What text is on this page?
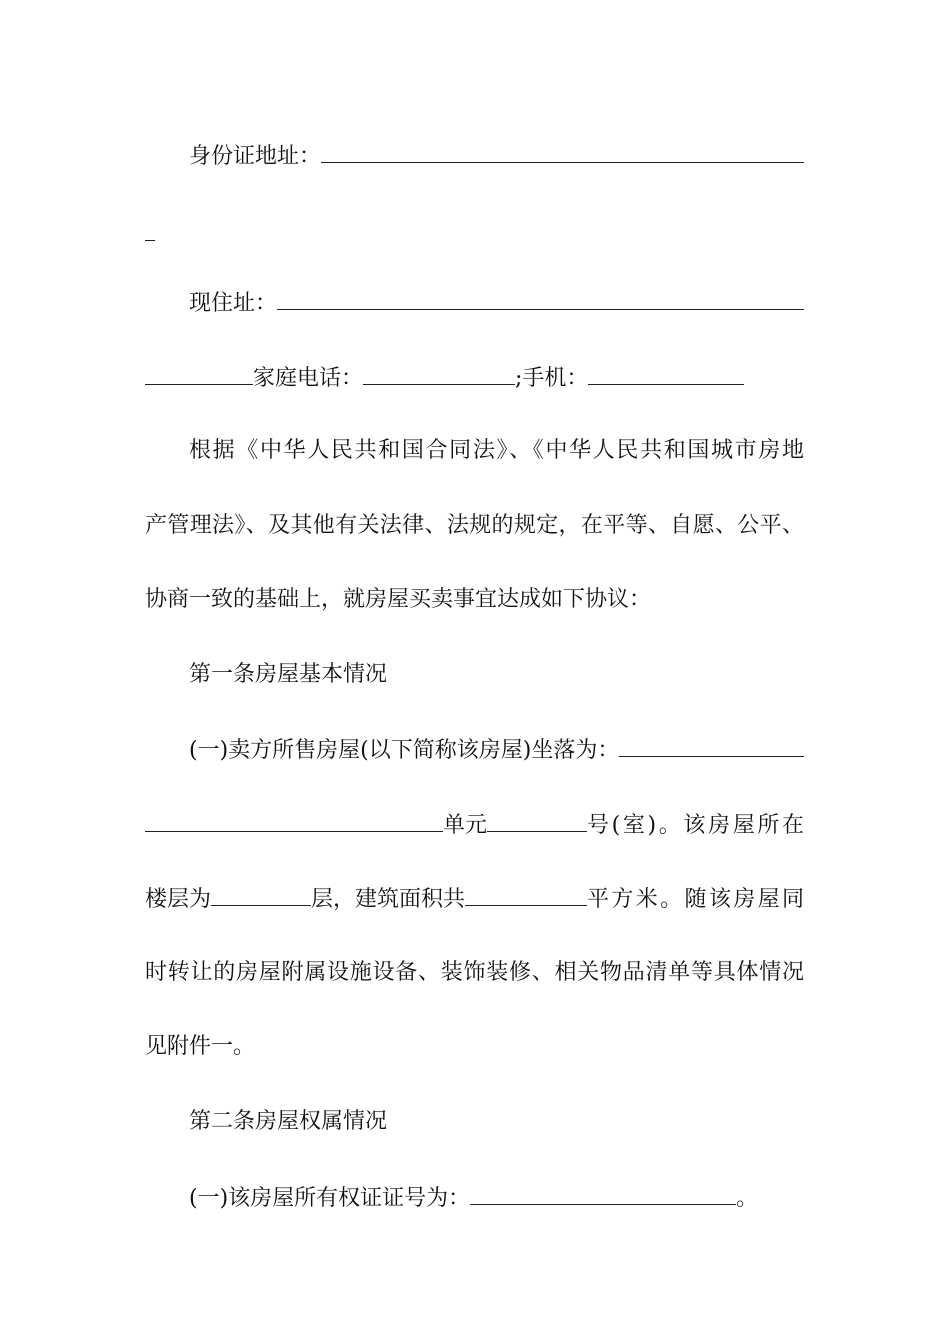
身份证地址：
现住址：
家庭电话：	;手机：
根据《中华人民共和国合同法》、《中华人民共和国城市房地
产管理法》、及其他有关法律、法规的规定，在平等、自愿、公平、
协商一致的基础上，就房屋买卖事宜达成如下协议：
第一条房屋基本情况
(一)卖方所售房屋(以下简称该房屋)坐落为：
单元	号(室)。该房屋所在
楼层为	层，建筑面积共	平方米。随该房屋同
时转让的房屋附属设施设备、装饰装修、相关物品清单等具体情况
见附件一。
第二条房屋权属情况
(一)该房屋所有权证证号为：	。
